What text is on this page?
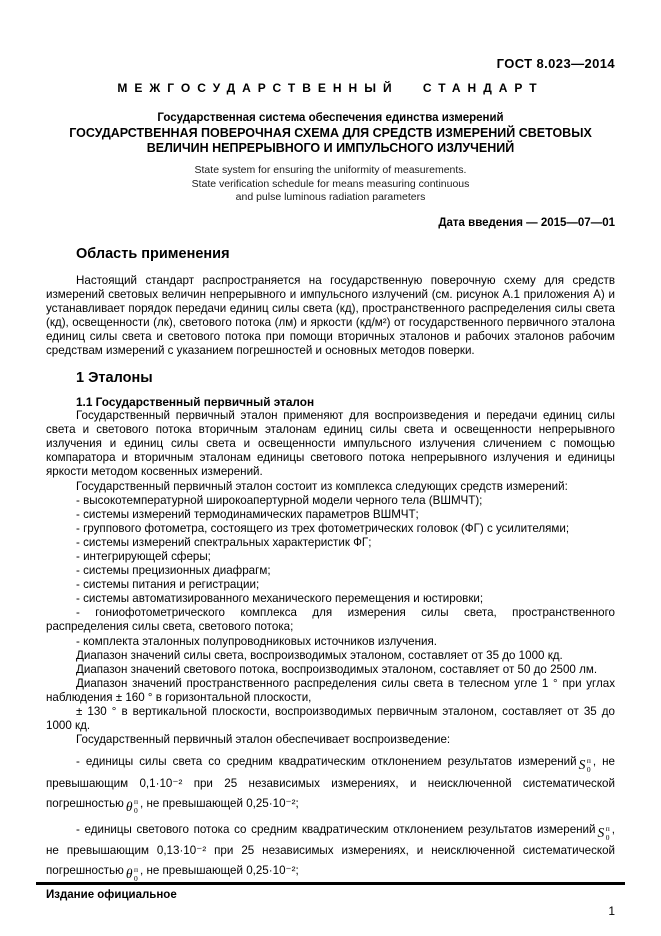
ГОСТ 8.023—2014
МЕЖГОСУДАРСТВЕННЫЙ СТАНДАРТ
Государственная система обеспечения единства измерений
ГОСУДАРСТВЕННАЯ ПОВЕРОЧНАЯ СХЕМА ДЛЯ СРЕДСТВ ИЗМЕРЕНИЙ СВЕТОВЫХ ВЕЛИЧИН НЕПРЕРЫВНОГО И ИМПУЛЬСНОГО ИЗЛУЧЕНИЙ
State system for ensuring the uniformity of measurements.
State verification schedule for means measuring continuous
and pulse luminous radiation parameters
Дата введения — 2015—07—01
Область применения

Настоящий стандарт распространяется на государственную поверочную схему для средств измерений световых величин непрерывного и импульсного излучений (см. рисунок А.1 приложения А) и устанавливает порядок передачи единиц силы света (кд), пространственного распределения силы света (кд), освещенности (лк), светового потока (лм) и яркости (кд/м²) от государственного первичного эталона единиц силы света и светового потока при помощи вторичных эталонов и рабочих эталонов рабочим средствам измерений с указанием погрешностей и основных методов поверки.

1 Эталоны
1.1 Государственный первичный эталон

Государственный первичный эталон применяют для воспроизведения и передачи единиц силы света и светового потока вторичным эталонам единиц силы света и освещенности непрерывного излучения и единиц силы света и освещенности импульсного излучения сличением с помощью компаратора и вторичным эталонам единицы светового потока непрерывного излучения и единицы яркости методом косвенных измерений.

Государственный первичный эталон состоит из комплекса следующих средств измерений:

- высокотемпературной широкоапертурной модели черного тела (ВШМЧТ);

- системы измерений термодинамических параметров ВШМЧТ;

- группового фотометра, состоящего из трех фотометрических головок (ФГ) с усилителями;

- системы измерений спектральных характеристик ФГ;

- интегрирующей сферы;

- системы прецизионных диафрагм;

- системы питания и регистрации;

- системы автоматизированного механического перемещения и юстировки;

- гониофотометрического комплекса для измерения силы света, пространственного распределения силы света, светового потока;

- комплекта эталонных полупроводниковых источников излучения.

Диапазон значений силы света, воспроизводимых эталоном, составляет от 35 до 1000 кд.

Диапазон значений светового потока, воспроизводимых эталоном, составляет от 50 до 2500 лм.

Диапазон значений пространственного распределения силы света в телесном угле 1 ° при углах наблюдения ± 160 ° в горизонтальной плоскости,

± 130 ° в вертикальной плоскости, воспроизводимых первичным эталоном, составляет от 35 до 1000 кд.

Государственный первичный эталон обеспечивает воспроизведение:

- единицы силы света со средним квадратическим отклонением результатов измерений S п
0
, не превышающим 0,1·10⁻² при 25 независимых измерениях, и неисключенной систематической погрешностью θ п
0
, не превышающей 0,25·10⁻²;

- единицы светового потока со средним квадратическим отклонением результатов измерений S п
0
, не превышающим 0,13·10⁻² при 25 независимых измерениях, и неисключенной систематической погрешностью θ п
0
, не превышающей 0,25·10⁻²;

Издание официальное
1
